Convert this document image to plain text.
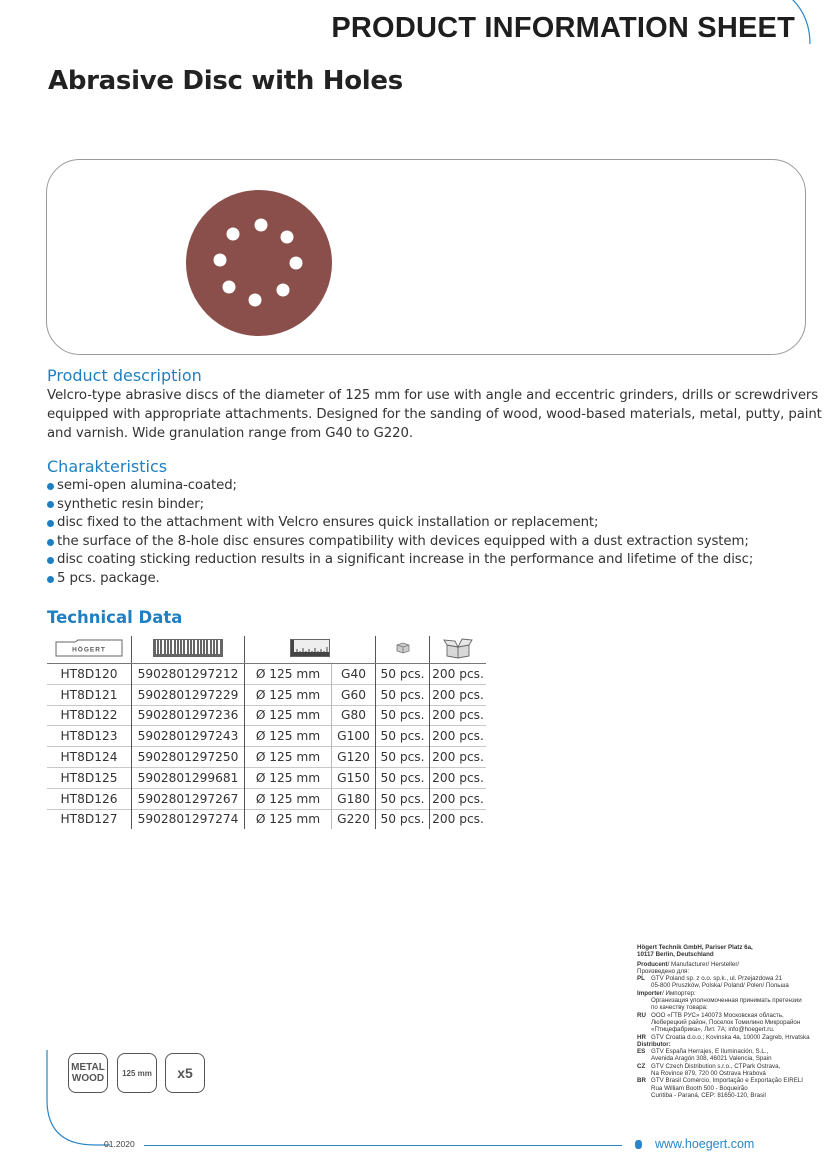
PRODUCT INFORMATION SHEET
Abrasive Disc with Holes
Product description
Velcro-type abrasive discs of the diameter of 125 mm for use with angle and eccentric grinders, drills or screwdrivers equipped with appropriate attachments. Designed for the sanding of wood, wood-based materials, metal, putty, paint and varnish. Wide granulation range from G40 to G220.
Charakteristics
semi-open alumina-coated;
synthetic resin binder;
disc fixed to the attachment with Velcro ensures quick installation or replacement;
the surface of the 8-hole disc ensures compatibility with devices equipped with a dust extraction system;
disc coating sticking reduction results in a significant increase in the performance and lifetime of the disc;
5 pcs. package.
Technical Data
HÖGERT

HT8D120	5902801297212	Ø 125 mm	G40	50 pcs.	200 pcs.
HT8D121	5902801297229	Ø 125 mm	G60	50 pcs.	200 pcs.
HT8D122	5902801297236	Ø 125 mm	G80	50 pcs.	200 pcs.
HT8D123	5902801297243	Ø 125 mm	G100	50 pcs.	200 pcs.
HT8D124	5902801297250	Ø 125 mm	G120	50 pcs.	200 pcs.
HT8D125	5902801299681	Ø 125 mm	G150	50 pcs.	200 pcs.
HT8D126	5902801297267	Ø 125 mm	G180	50 pcs.	200 pcs.
HT8D127	5902801297274	Ø 125 mm	G220	50 pcs.	200 pcs.
METAL
WOOD 125 mm x5
Högert Technik GmbH, Pariser Platz 6a,
10117 Berlin, Deutschland
Producent/ Manufacturer/ Hersteller/
Произведено для:
PL GTV Poland sp. z o.o. sp.k., ul. Przejazdowa 21
05-800 Pruszków, Polska/ Poland/ Polen/ Польша
Importer/ Импортер:
Организация уполномоченная принимать претензии
по качеству товара:
RU ООО «ГТВ РУС» 140073 Московская область,
Люберецкий район, Поселок Томилино Микрорайон
«Птицефабрика», Лит. 7А; info@hoegert.ru.
HR GTV Croatia d.o.o.; Kovinska 4a, 10000 Zagreb, Hrvatska
Distributor:
ES GTV España Herrajes, E Iluminación, S.L.,
Avenida Aragón 308, 46021 Valencia, Spain
CZ GTV Czech Distribution s.r.o., CTPark Ostrava,
Na Rovince 879, 720 00 Ostrava Hrabová
BR GTV Brasil Comércio, Importação e Exportação EIRELI
Rua William Booth 500 - Boqueirão
Curitiba - Paraná, CEP: 81650-120, Brasil
01.2020	www.hoegert.com
